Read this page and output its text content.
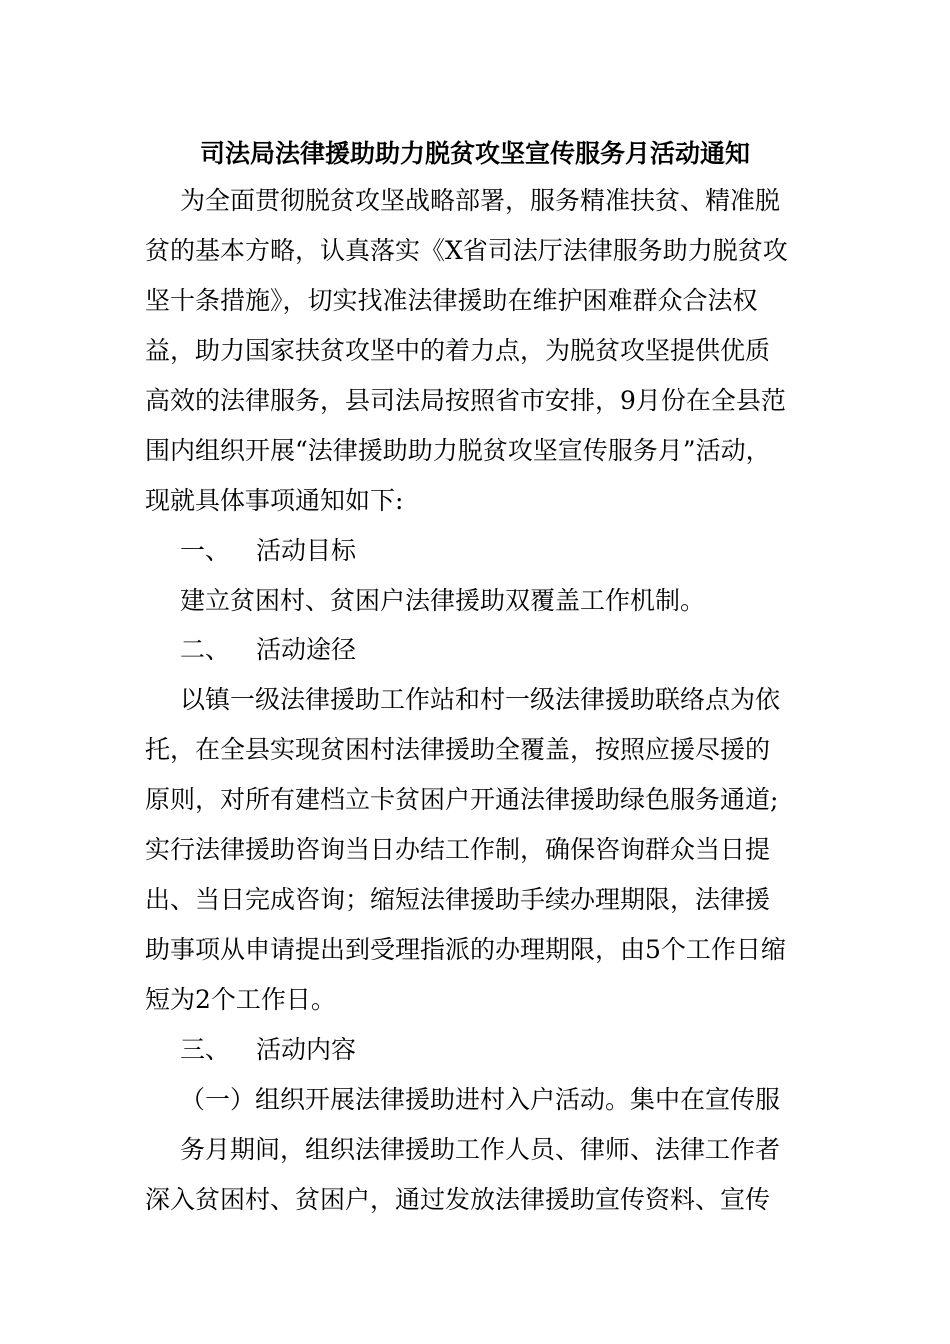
司法局法律援助助力脱贫攻坚宣传服务月活动通知

为全面贯彻脱贫攻坚战略部署，服务精准扶贫、精准脱

贫的基本方略，认真落实《X省司法厅法律服务助力脱贫攻

坚十条措施》，切实找准法律援助在维护困难群众合法权

益，助力国家扶贫攻坚中的着力点，为脱贫攻坚提供优质

高效的法律服务，县司法局按照省市安排，9月份在全县范

围内组织开展“法律援助助力脱贫攻坚宣传服务月”活动，

现就具体事项通知如下:

一、 活动目标

建立贫困村、贫困户法律援助双覆盖工作机制。

二、 活动途径

以镇一级法律援助工作站和村一级法律援助联络点为依

托，在全县实现贫困村法律援助全覆盖，按照应援尽援的

原则，对所有建档立卡贫困户开通法律援助绿色服务通道;

实行法律援助咨询当日办结工作制，确保咨询群众当日提

出、当日完成咨询；缩短法律援助手续办理期限，法律援

助事项从申请提出到受理指派的办理期限，由5个工作日缩

短为2个工作日。

三、 活动内容

（一）组织开展法律援助进村入户活动。集中在宣传服

务月期间，组织法律援助工作人员、律师、法律工作者

深入贫困村、贫困户，通过发放法律援助宣传资料、宣传
